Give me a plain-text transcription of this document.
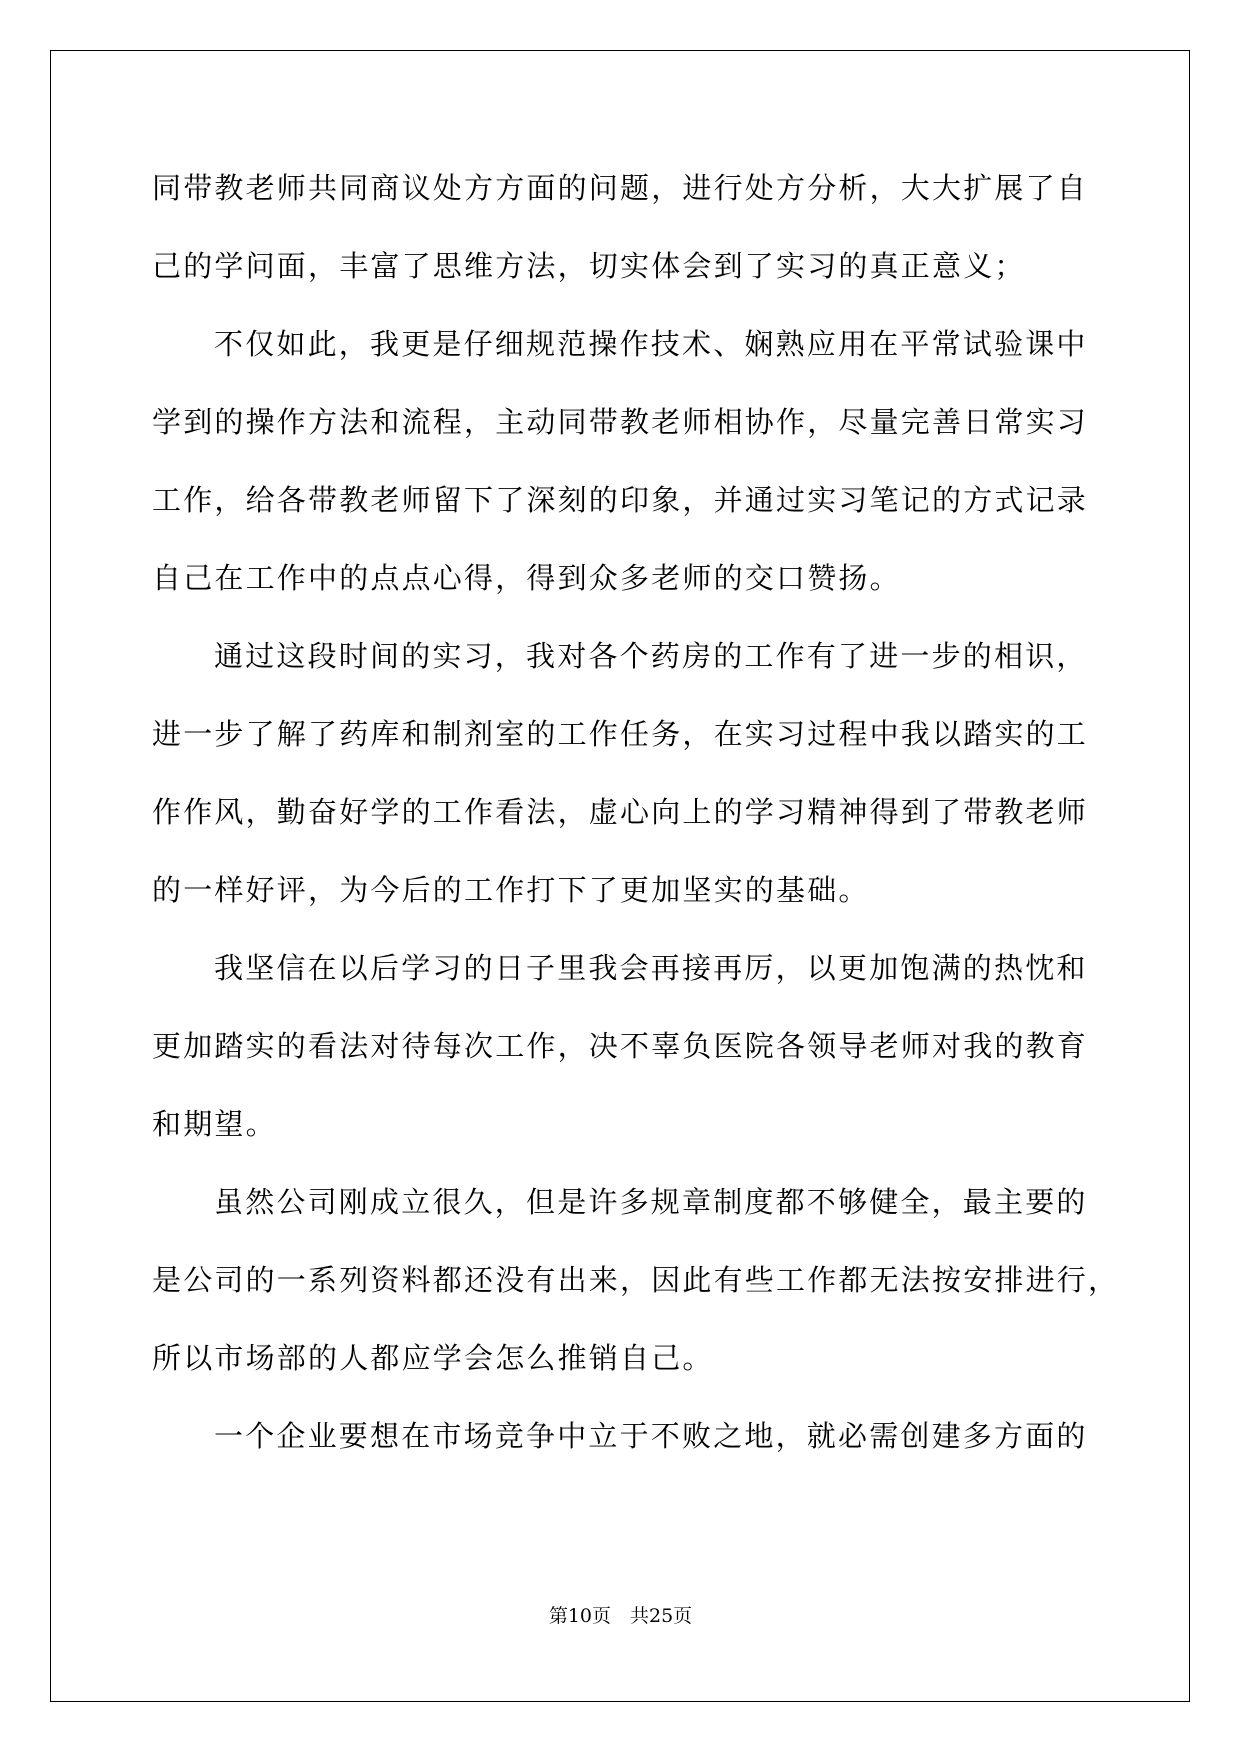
同带教老师共同商议处方方面的问题，进行处方分析，大大扩展了自
己的学问面，丰富了思维方法，切实体会到了实习的真正意义；
不仅如此，我更是仔细规范操作技术、娴熟应用在平常试验课中
学到的操作方法和流程，主动同带教老师相协作，尽量完善日常实习
工作，给各带教老师留下了深刻的印象，并通过实习笔记的方式记录
自己在工作中的点点心得，得到众多老师的交口赞扬。
通过这段时间的实习，我对各个药房的工作有了进一步的相识，
进一步了解了药库和制剂室的工作任务，在实习过程中我以踏实的工
作作风，勤奋好学的工作看法，虚心向上的学习精神得到了带教老师
的一样好评，为今后的工作打下了更加坚实的基础。
我坚信在以后学习的日子里我会再接再厉，以更加饱满的热忱和
更加踏实的看法对待每次工作，决不辜负医院各领导老师对我的教育
和期望。
虽然公司刚成立很久，但是许多规章制度都不够健全，最主要的
是公司的一系列资料都还没有出来，因此有些工作都无法按安排进行，
所以市场部的人都应学会怎么推销自己。
一个企业要想在市场竞争中立于不败之地，就必需创建多方面的
第10页　共25页
